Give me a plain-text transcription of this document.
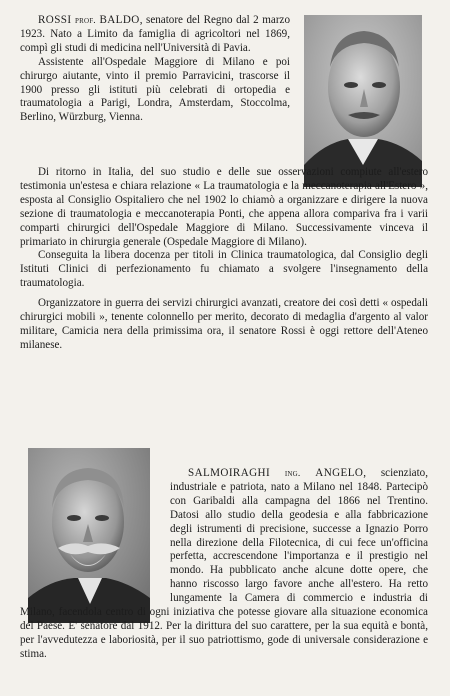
ROSSI prof. BALDO, senatore del Regno dal 2 marzo 1923. Nato a Limito da famiglia di agricoltori nel 1869, compì gli studi di medicina nell'Università di Pavia.

Assistente all'Ospedale Maggiore di Milano e poi chirurgo aiutante, vinto il premio Parravicini, trascorse il 1900 presso gli istituti più celebrati di ortopedia e traumatologia a Parigi, Londra, Amsterdam, Stoccolma, Berlino, Würzburg, Vienna.

Di ritorno in Italia, del suo studio e delle sue osservazioni compiute all'estero testimonia un'estesa e chiara relazione « La traumatologia e la meccanoterapia all'Estero », esposta al Consiglio Ospitaliero che nel 1902 lo chiamò a organizzare e dirigere la nuova sezione di traumatologia e meccanoterapia Ponti, che appena allora compariva fra i varii comparti chirurgici dell'Ospedale Maggiore di Milano. Successivamente vinceva il primariato in chirurgia generale (Ospedale Maggiore di Milano).

Conseguita la libera docenza per titoli in Clinica traumatologica, dal Consiglio degli Istituti Clinici di perfezionamento fu chiamato a svolgere l'insegnamento della traumatologia.

Organizzatore in guerra dei servizi chirurgici avanzati, creatore dei così detti « ospedali chirurgici mobili », tenente colonnello per merito, decorato di medaglia d'argento al valor militare, Camicia nera della primissima ora, il senatore Rossi è oggi rettore dell'Ateneo milanese.

SALMOIRAGHI ing. ANGELO, scienziato, industriale e patriota, nato a Milano nel 1848. Partecipò con Garibaldi alla campagna del 1866 nel Trentino. Datosi allo studio della geodesia e alla fabbricazione degli istrumenti di precisione, successe a Ignazio Porro nella direzione della Filotecnica, di cui fece un'officina perfetta, accrescendone l'importanza e il prestigio nel mondo. Ha pubblicato anche alcune dotte opere, che hanno riscosso largo favore anche all'estero. Ha retto lungamente la Camera di commercio e industria di Milano, facendola centro di ogni iniziativa che potesse giovare alla situazione economica del Paese. E' senatore dal 1912. Per la dirittura del suo carattere, per la sua equità e bontà, per l'avvedutezza e laboriosità, per il suo patriottismo, gode di universale considerazione e stima.
